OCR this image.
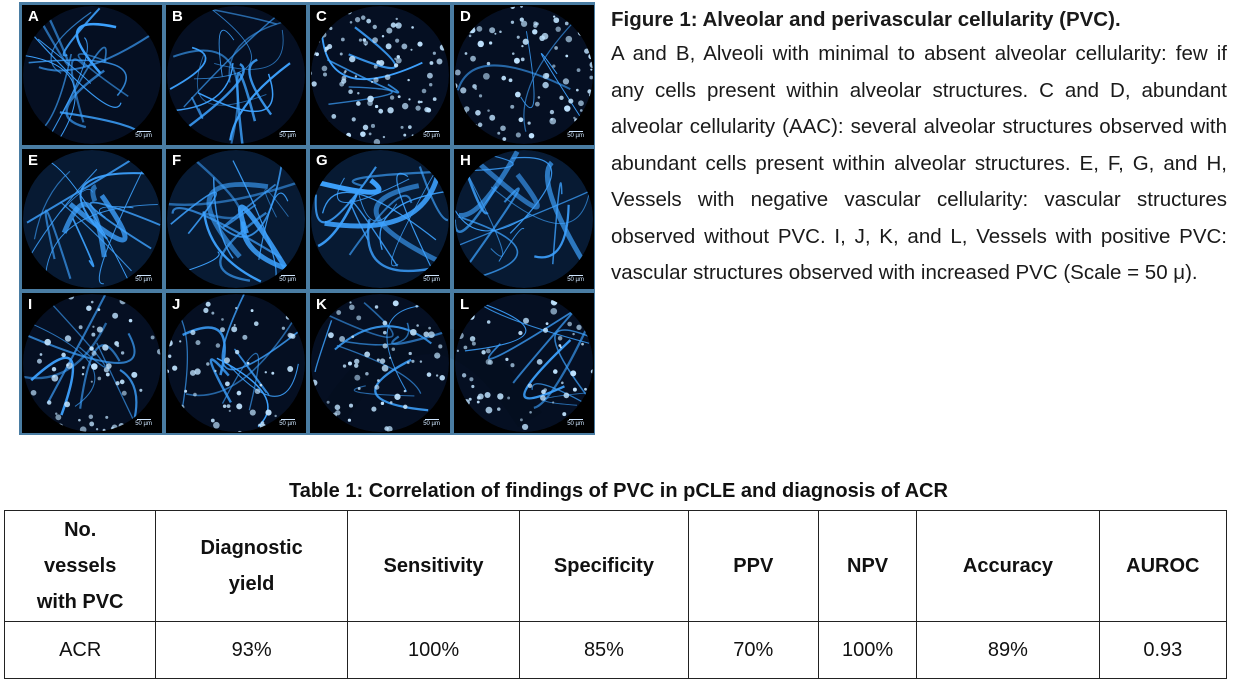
A
50 µm
B
50 µm
C
50 µm
D
50 µm
E
50 µm
F
50 µm
G
50 µm
H
50 µm
I
50 µm
J
50 µm
K
50 µm
L
50 µm
Figure 1: Alveolar and perivascular cellularity (PVC).
A and B, Alveoli with minimal to absent alveolar cellularity: few if any cells present within alveolar structures. C and D, abundant alveolar cellularity (AAC): several alveolar structures observed with abundant cells present within alveolar structures. E, F, G, and H, Vessels with negative vascular cellularity: vascular structures observed without PVC. I, J, K, and L, Vessels with positive PVC: vascular structures observed with increased PVC (Scale = 50 μ).
Table 1: Correlation of findings of PVC in pCLE and diagnosis of ACR
No. vessels with PVC	Diagnostic yield	Sensitivity	Specificity	PPV	NPV	Accuracy	AUROC
ACR	93%	100%	85%	70%	100%	89%	0.93
